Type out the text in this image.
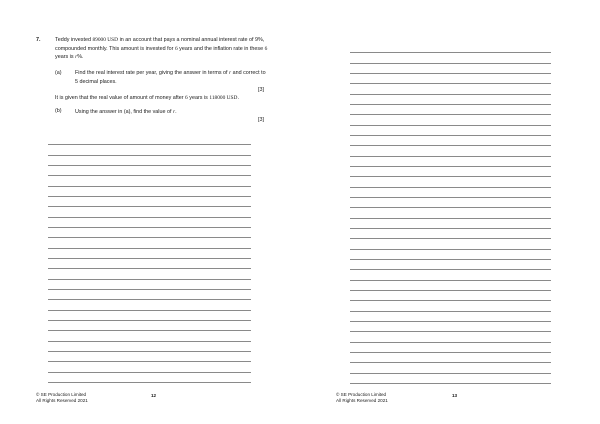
7.	Teddy invested 89000 USD in an account that pays a nominal annual interest rate of 9%, compounded monthly. This amount is invested for 6 years and the inflation rate in these 6 years is r%.
(a) Find the real interest rate per year, giving the answer in terms of r and correct to 5 decimal places.
[3]
It is given that the real value of amount of money after 6 years is 118000 USD.
(b) Using the answer in (a), find the value of r.
[3]
© SE Production Limited
All Rights Reserved 2021
12	© SE Production Limited
All Rights Reserved 2021
13
